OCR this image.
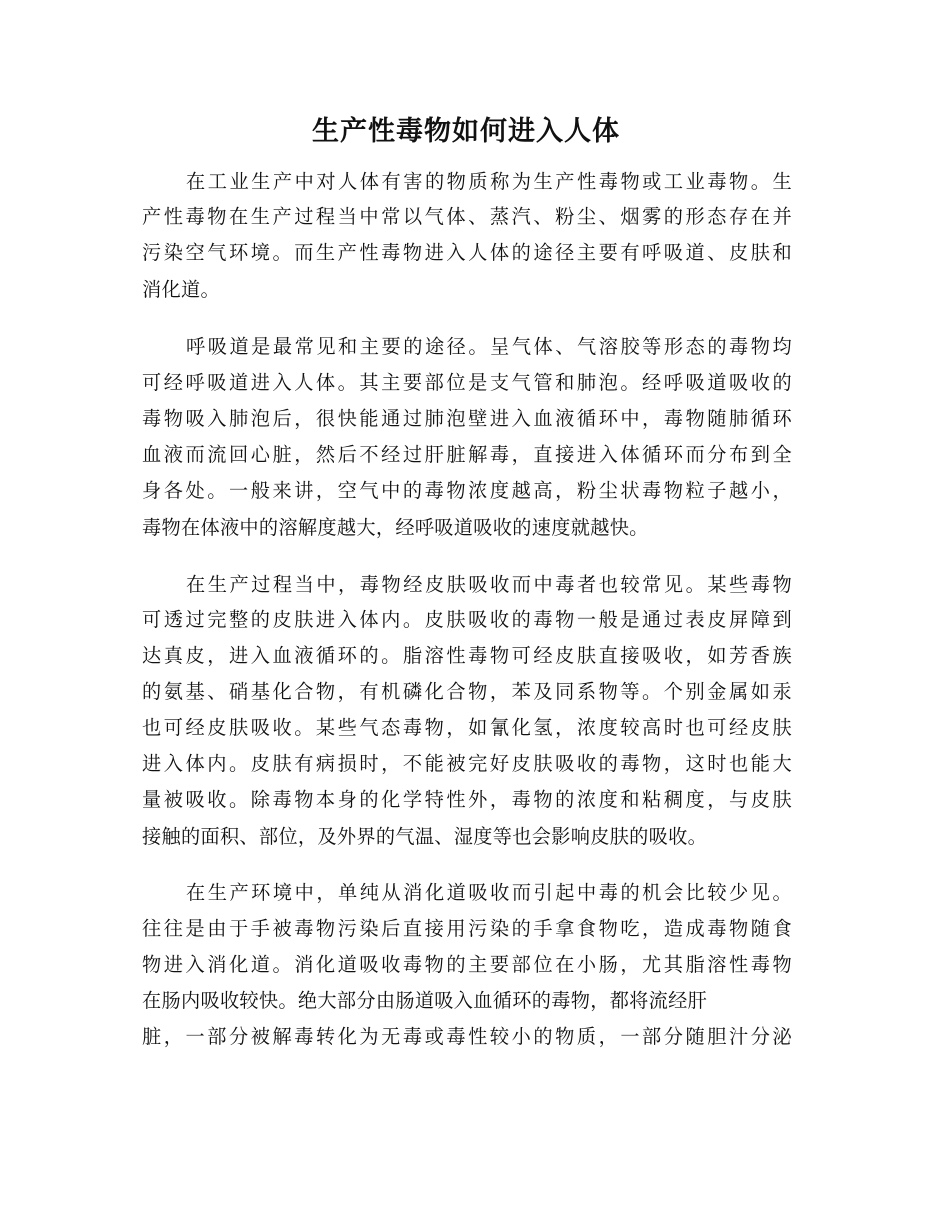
生产性毒物如何进入人体
在工业生产中对人体有害的物质称为生产性毒物或工业毒物。生
产性毒物在生产过程当中常以气体、蒸汽、粉尘、烟雾的形态存在并
污染空气环境。而生产性毒物进入人体的途径主要有呼吸道、皮肤和
消化道。
呼吸道是最常见和主要的途径。呈气体、气溶胶等形态的毒物均
可经呼吸道进入人体。其主要部位是支气管和肺泡。经呼吸道吸收的
毒物吸入肺泡后，很快能通过肺泡壁进入血液循环中，毒物随肺循环
血液而流回心脏，然后不经过肝脏解毒，直接进入体循环而分布到全
身各处。一般来讲，空气中的毒物浓度越高，粉尘状毒物粒子越小，
毒物在体液中的溶解度越大，经呼吸道吸收的速度就越快。
在生产过程当中，毒物经皮肤吸收而中毒者也较常见。某些毒物
可透过完整的皮肤进入体内。皮肤吸收的毒物一般是通过表皮屏障到
达真皮，进入血液循环的。脂溶性毒物可经皮肤直接吸收，如芳香族
的氨基、硝基化合物，有机磷化合物，苯及同系物等。个别金属如汞
也可经皮肤吸收。某些气态毒物，如氰化氢，浓度较高时也可经皮肤
进入体内。皮肤有病损时，不能被完好皮肤吸收的毒物，这时也能大
量被吸收。除毒物本身的化学特性外，毒物的浓度和粘稠度，与皮肤
接触的面积、部位，及外界的气温、湿度等也会影响皮肤的吸收。
在生产环境中，单纯从消化道吸收而引起中毒的机会比较少见。
往往是由于手被毒物污染后直接用污染的手拿食物吃，造成毒物随食
物进入消化道。消化道吸收毒物的主要部位在小肠，尤其脂溶性毒物
在肠内吸收较快。绝大部分由肠道吸入血循环的毒物，都将流经肝
脏，一部分被解毒转化为无毒或毒性较小的物质，一部分随胆汁分泌
